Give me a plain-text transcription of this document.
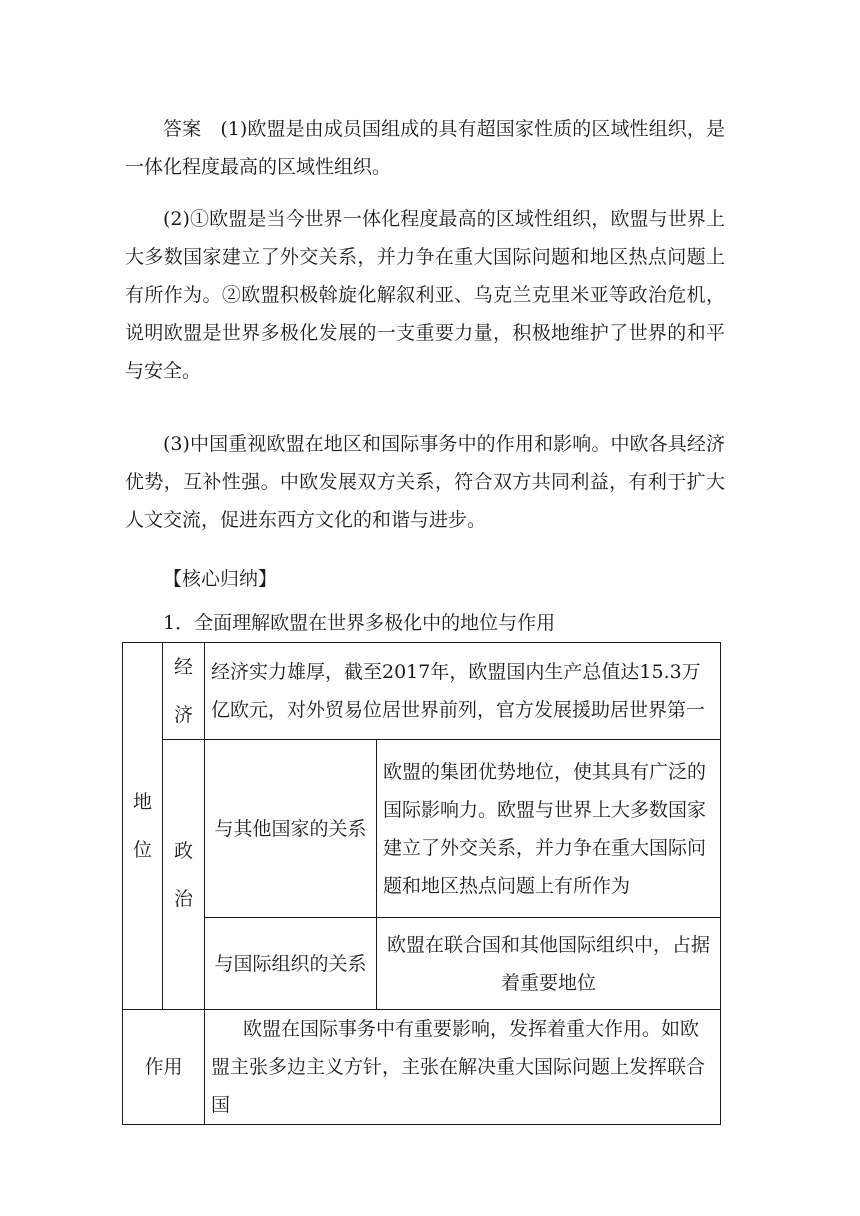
答案　(1)欧盟是由成员国组成的具有超国家性质的区域性组织，是一体化程度最高的区域性组织。

(2)①欧盟是当今世界一体化程度最高的区域性组织，欧盟与世界上大多数国家建立了外交关系，并力争在重大国际问题和地区热点问题上有所作为。②欧盟积极斡旋化解叙利亚、乌克兰克里米亚等政治危机，说明欧盟是世界多极化发展的一支重要力量，积极地维护了世界的和平与安全。

(3)中国重视欧盟在地区和国际事务中的作用和影响。中欧各具经济优势，互补性强。中欧发展双方关系，符合双方共同利益，有利于扩大人文交流，促进东西方文化的和谐与进步。

【核心归纳】

1．全面理解欧盟在世界多极化中的地位与作用

地位	经济	经济实力雄厚，截至2017年，欧盟国内生产总值达15.3万亿欧元，对外贸易位居世界前列，官方发展援助居世界第一	

	政治	与其他国家的关系	欧盟的集团优势地位，使其具有广泛的国际影响力。欧盟与世界上大多数国家建立了外交关系，并力争在重大国际问题和地区热点问题上有所作为
		与国际组织的关系	欧盟在联合国和其他国际组织中，占据着重要地位
作用		欧盟在国际事务中有重要影响，发挥着重大作用。如欧盟主张多边主义方针，主张在解决重大国际问题上发挥联合国	
